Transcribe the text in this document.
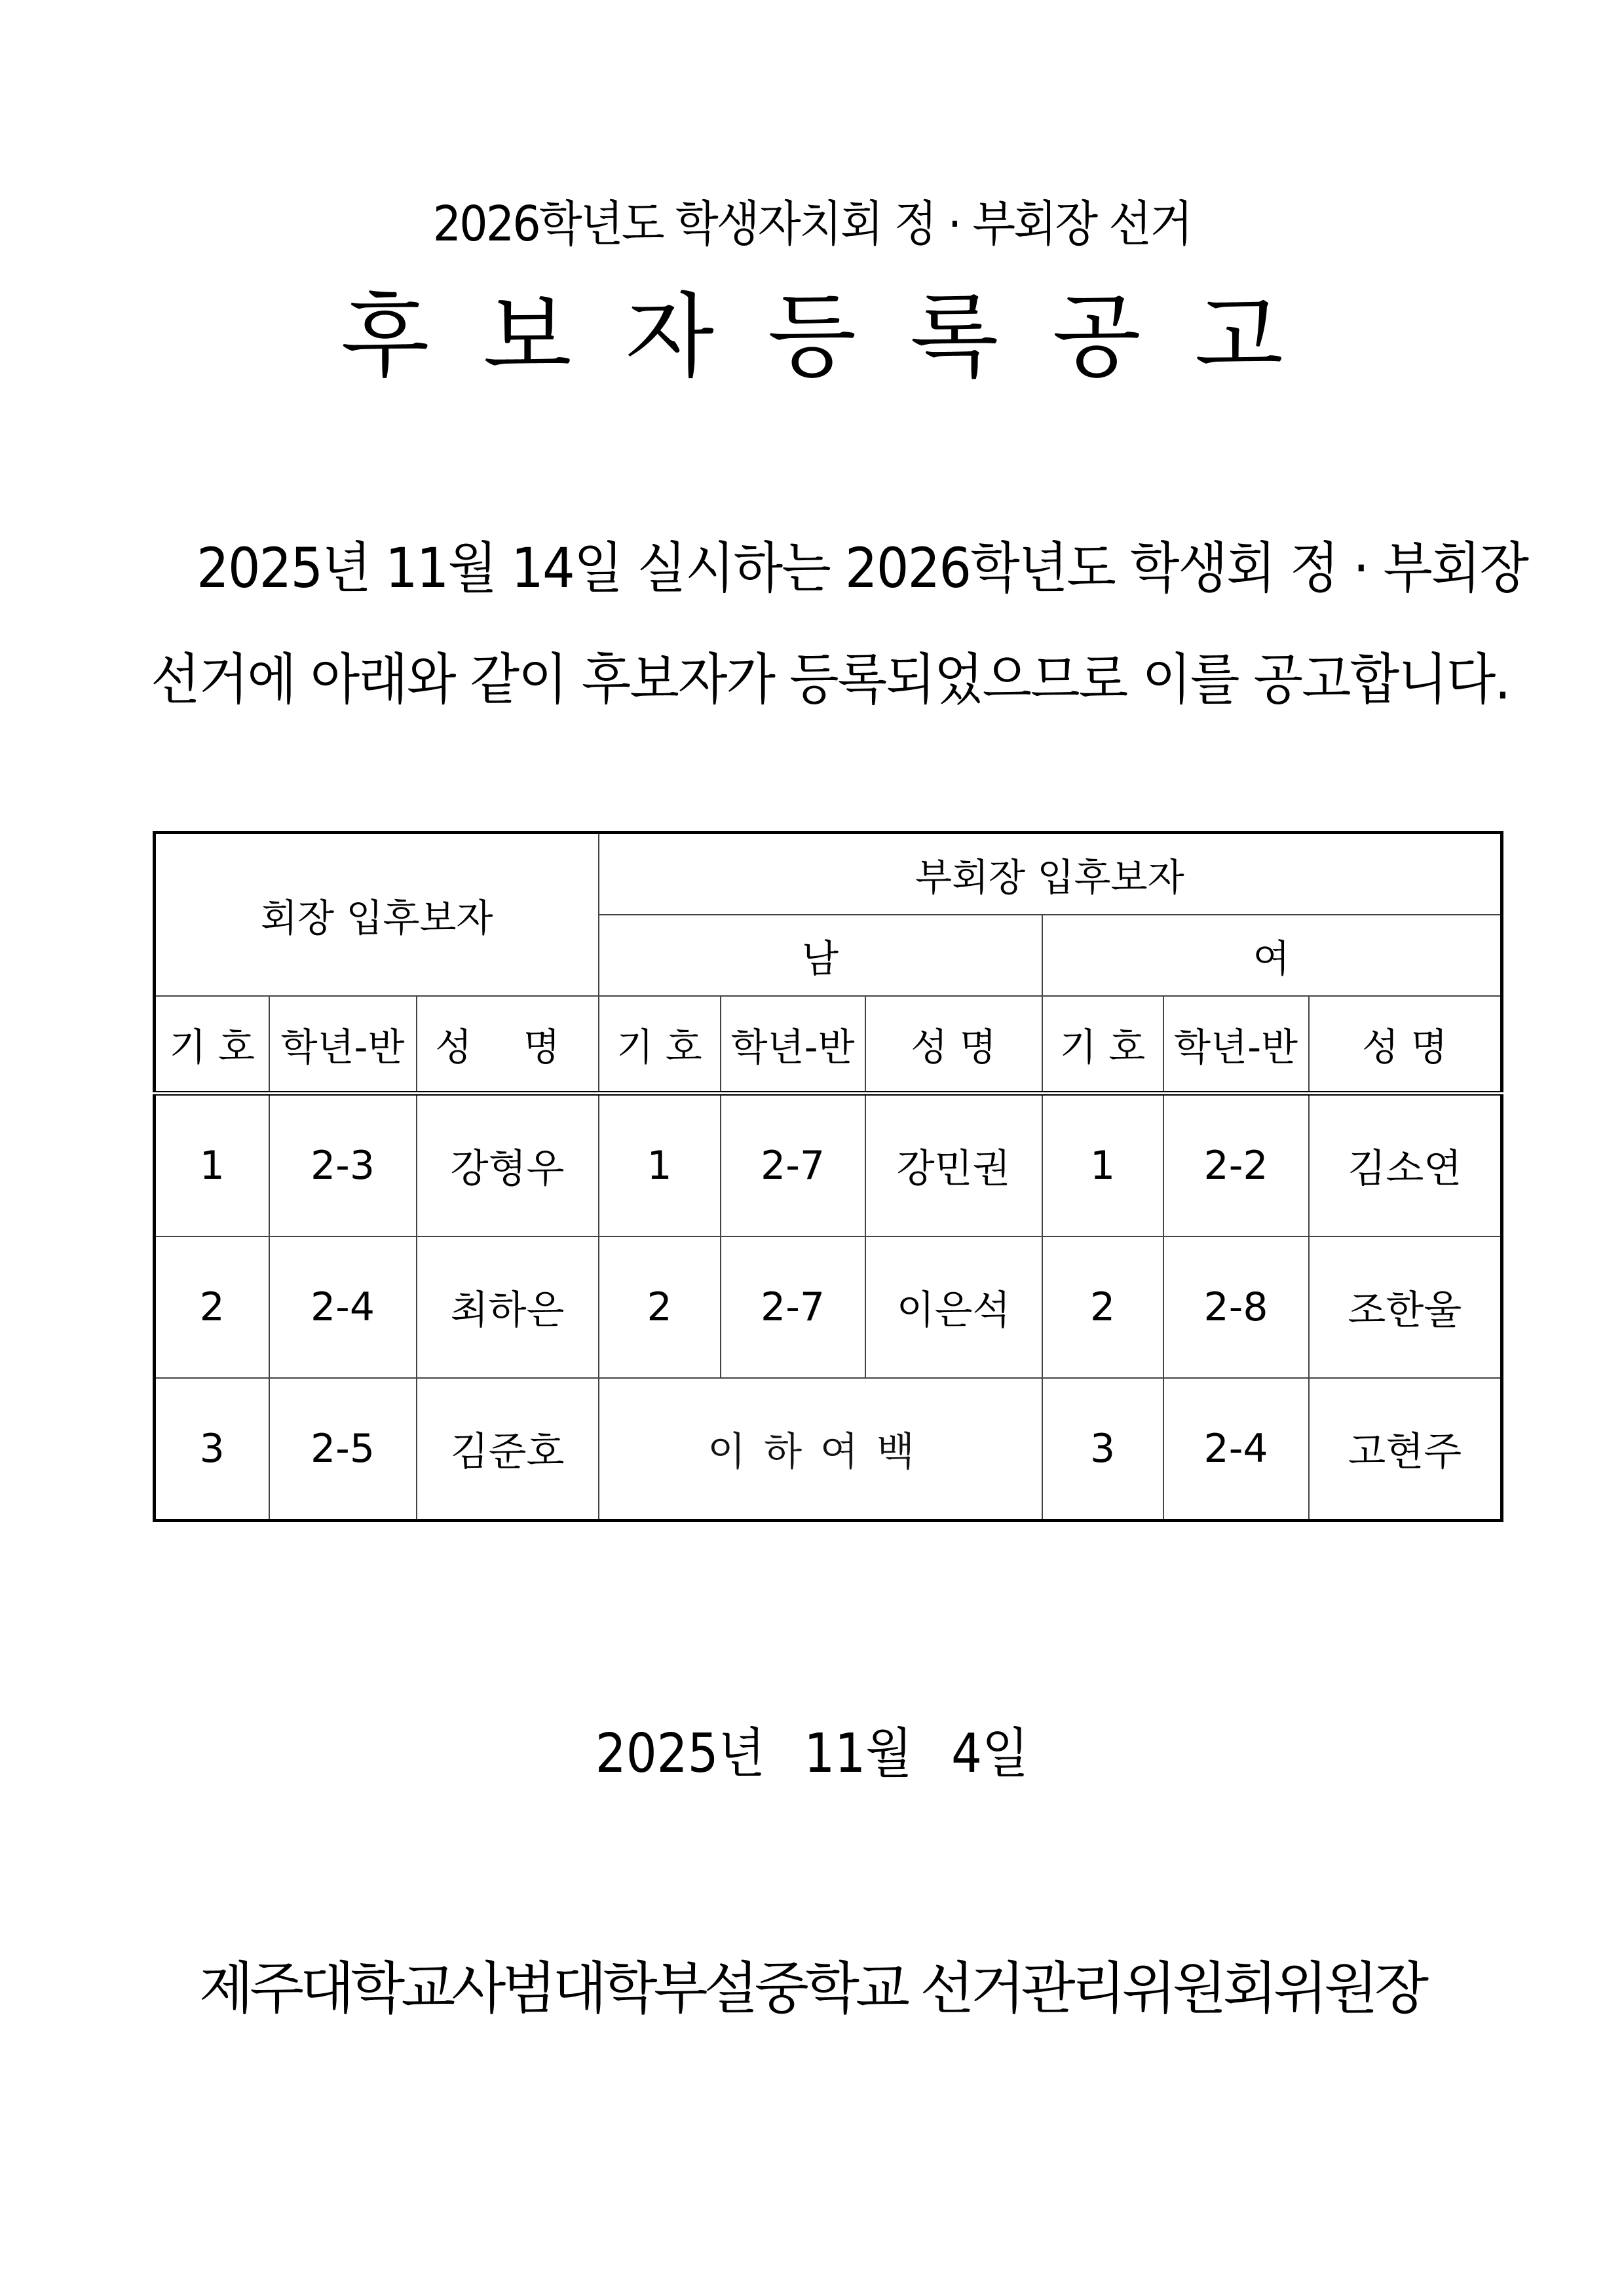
2026학년도 학생자치회 정 · 부회장 선거
후보자등록공고
2025년 11월 14일 실시하는 2026학년도 학생회 정 · 부회장
선거에 아래와 같이 후보자가 등록되었으므로 이를 공고합니다.
회장 입후보자			부회장 입후보자					
			남			여		
기 호	학년-반	성 명	기 호	학년-반	성 명	기 호	학년-반	성 명
1	2-3	강형우	1	2-7	강민권	1	2-2	김소연
2	2-4	최하은	2	2-7	이은석	2	2-8	조한울
3	2-5	김준호	이하여백			3	2-4	고현주
2025년 11월 4일
제주대학교사범대학부설중학교 선거관리위원회위원장
